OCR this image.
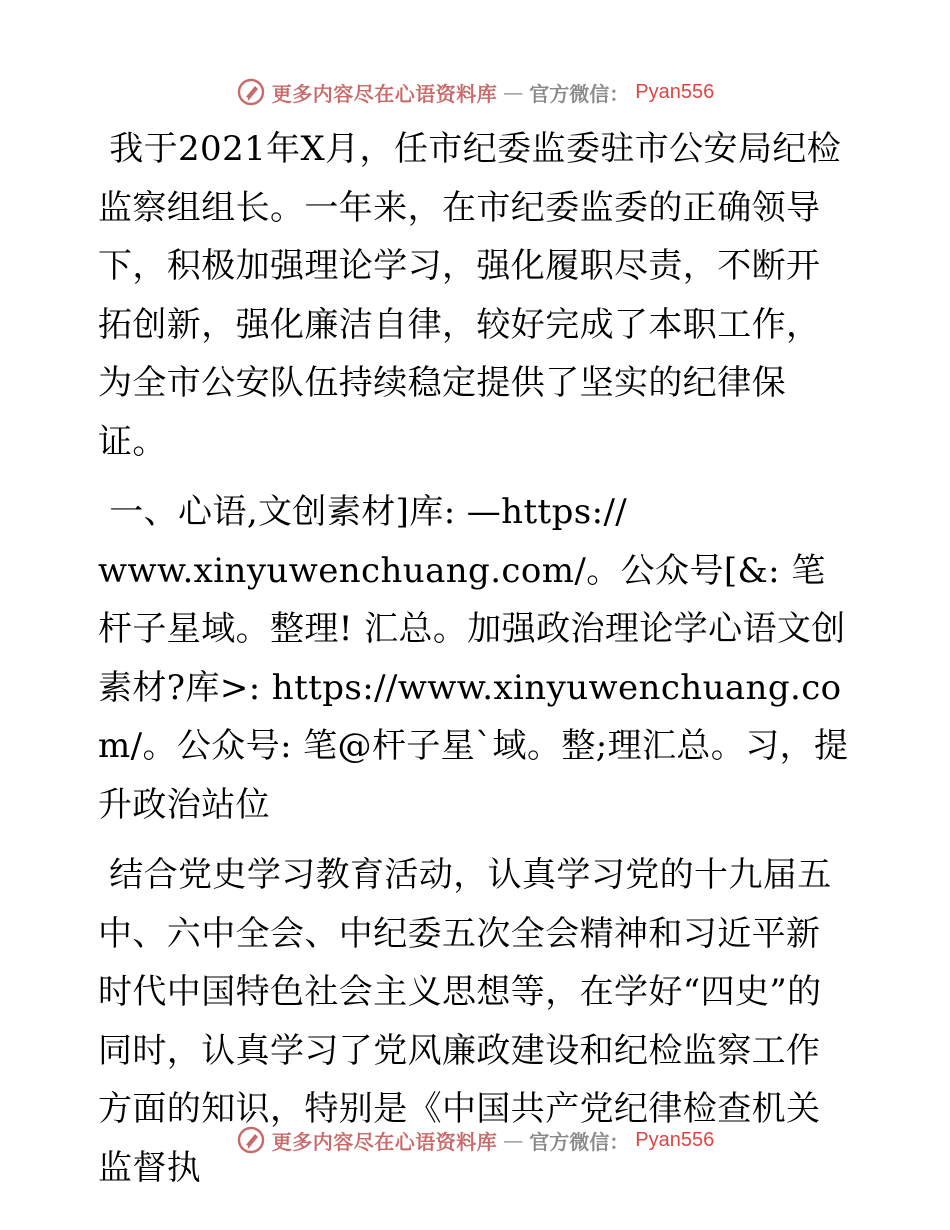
更多内容尽在心语资料库 — 官方微信： Pyan556

我于2021年X月，任市纪委监委驻市公安局纪检监察组组长。一年来，在市纪委监委的正确领导下，积极加强理论学习，强化履职尽责，不断开拓创新，强化廉洁自律，较好完成了本职工作，为全市公安队伍持续稳定提供了坚实的纪律保证。

一、心语,文创素材]库: —https://
www.xinyuwenchuang.com/。公众号[&: 笔杆子星域。整理! 汇总。加强政治理论学心语文创素材?库>: https://www.xinyuwenchuang.com/。公众号: 笔@杆子星`域。整;理汇总。习，提升政治站位

结合党史学习教育活动，认真学习党的十九届五中、六中全会、中纪委五次全会精神和习近平新时代中国特色社会主义思想等，在学好“四史”的同时，认真学习了党风廉政建设和纪检监察工作方面的知识，特别是《中国共产党纪律检查机关监督执

更多内容尽在心语资料库 — 官方微信： Pyan556
